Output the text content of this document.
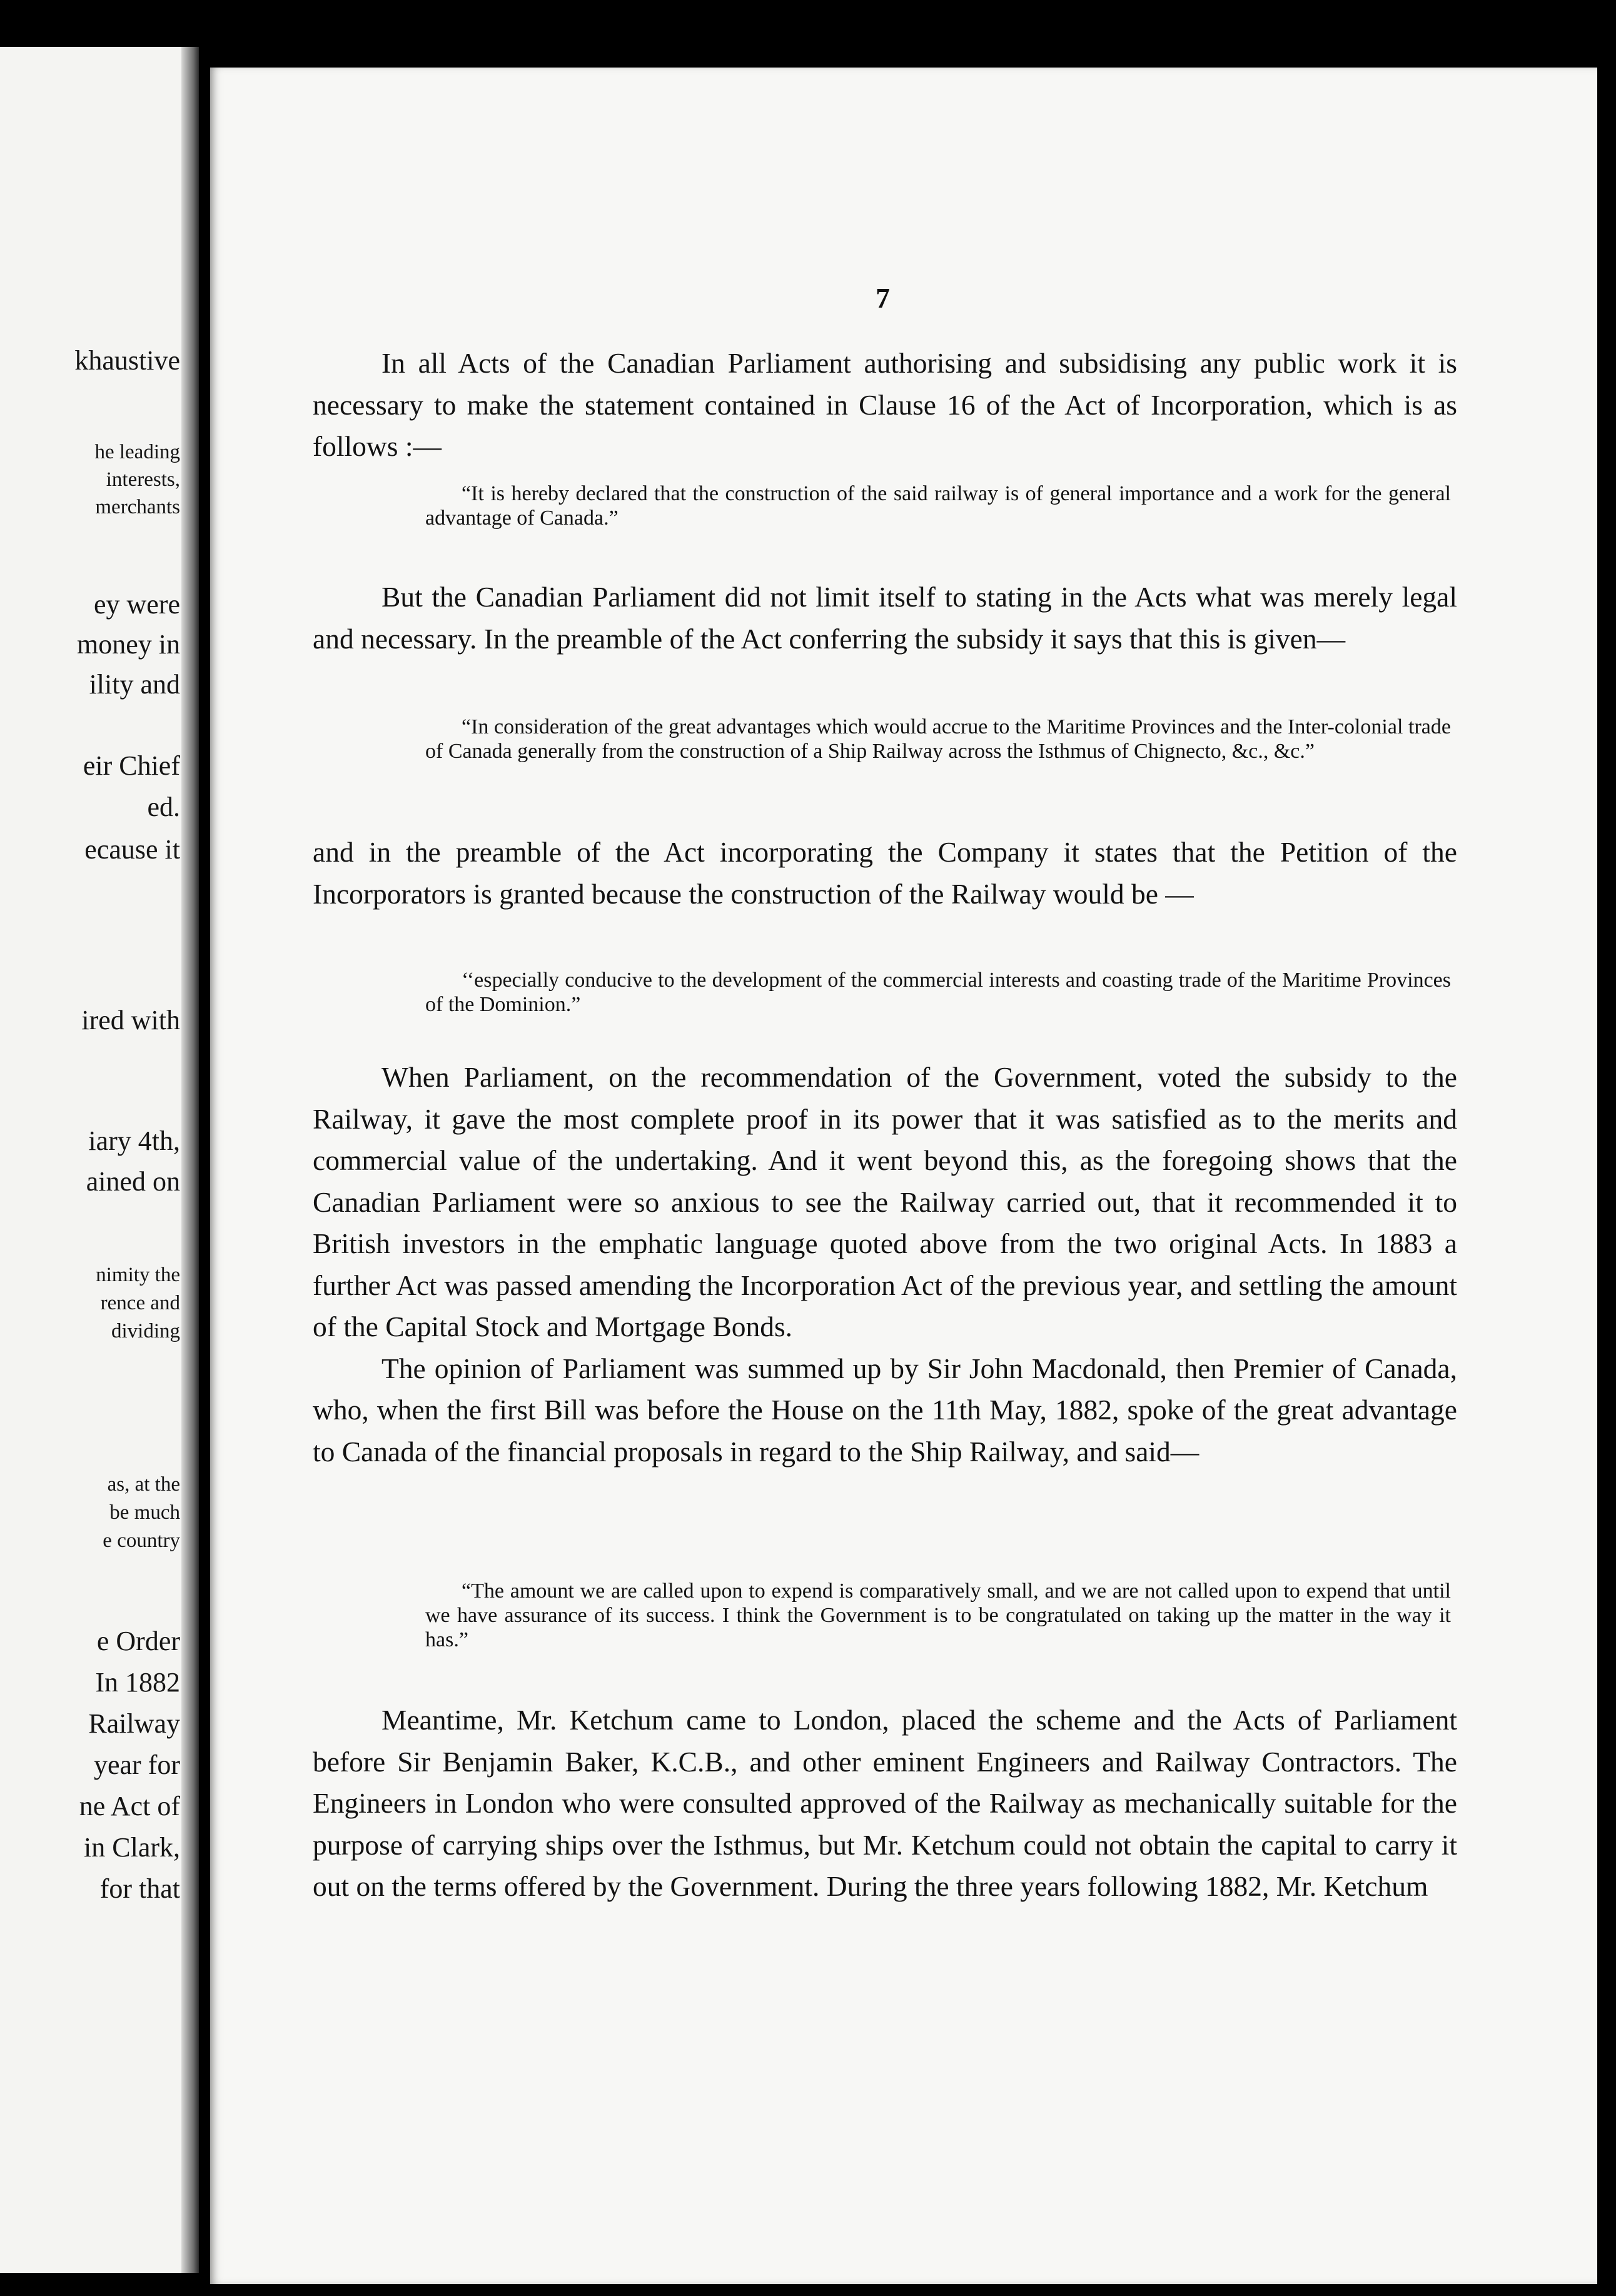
khaustive
he leading
interests,
merchants
ey were
money in
ility and
eir Chief
ed.
ecause it
ired with
iary 4th,
ained on
nimity the
rence and
dividing
as, at the
be much
e country
e Order
In 1882
Railway
year for
ne Act of
in Clark,
for that
7

In all Acts of the Canadian Parliament authorising and subsidising any public work it is necessary to make the statement contained in Clause 16 of the Act of Incorporation, which is as follows :—

“It is hereby declared that the construction of the said railway is of general importance and a work for the general advantage of Canada.”

But the Canadian Parliament did not limit itself to stating in the Acts what was merely legal and necessary. In the preamble of the Act conferring the subsidy it says that this is given—

“In consideration of the great advantages which would accrue to the Maritime Provinces and the Inter-colonial trade of Canada generally from the construction of a Ship Railway across the Isthmus of Chignecto, &c., &c.”

and in the preamble of the Act incorporating the Company it states that the Petition of the Incorporators is granted because the construction of the Railway would be —

‘‘especially conducive to the development of the commercial interests and coasting trade of the Maritime Provinces of the Dominion.”

When Parliament, on the recommendation of the Government, voted the subsidy to the Railway, it gave the most complete proof in its power that it was satisfied as to the merits and commercial value of the undertaking. And it went beyond this, as the foregoing shows that the Canadian Parliament were so anxious to see the Railway carried out, that it recommended it to British investors in the emphatic language quoted above from the two original Acts. In 1883 a further Act was passed amending the Incorporation Act of the previous year, and settling the amount of the Capital Stock and Mortgage Bonds.

The opinion of Parliament was summed up by Sir John Macdonald, then Premier of Canada, who, when the first Bill was before the House on the 11th May, 1882, spoke of the great advantage to Canada of the financial proposals in regard to the Ship Railway, and said—

“The amount we are called upon to expend is comparatively small, and we are not called upon to expend that until we have assurance of its success. I think the Government is to be congratulated on taking up the matter in the way it has.”

Meantime, Mr. Ketchum came to London, placed the scheme and the Acts of Parliament before Sir Benjamin Baker, K.C.B., and other eminent Engineers and Railway Contractors. The Engineers in London who were consulted approved of the Railway as mechanically suitable for the purpose of carrying ships over the Isthmus, but Mr. Ketchum could not obtain the capital to carry it out on the terms offered by the Government. During the three years following 1882, Mr. Ketchum
